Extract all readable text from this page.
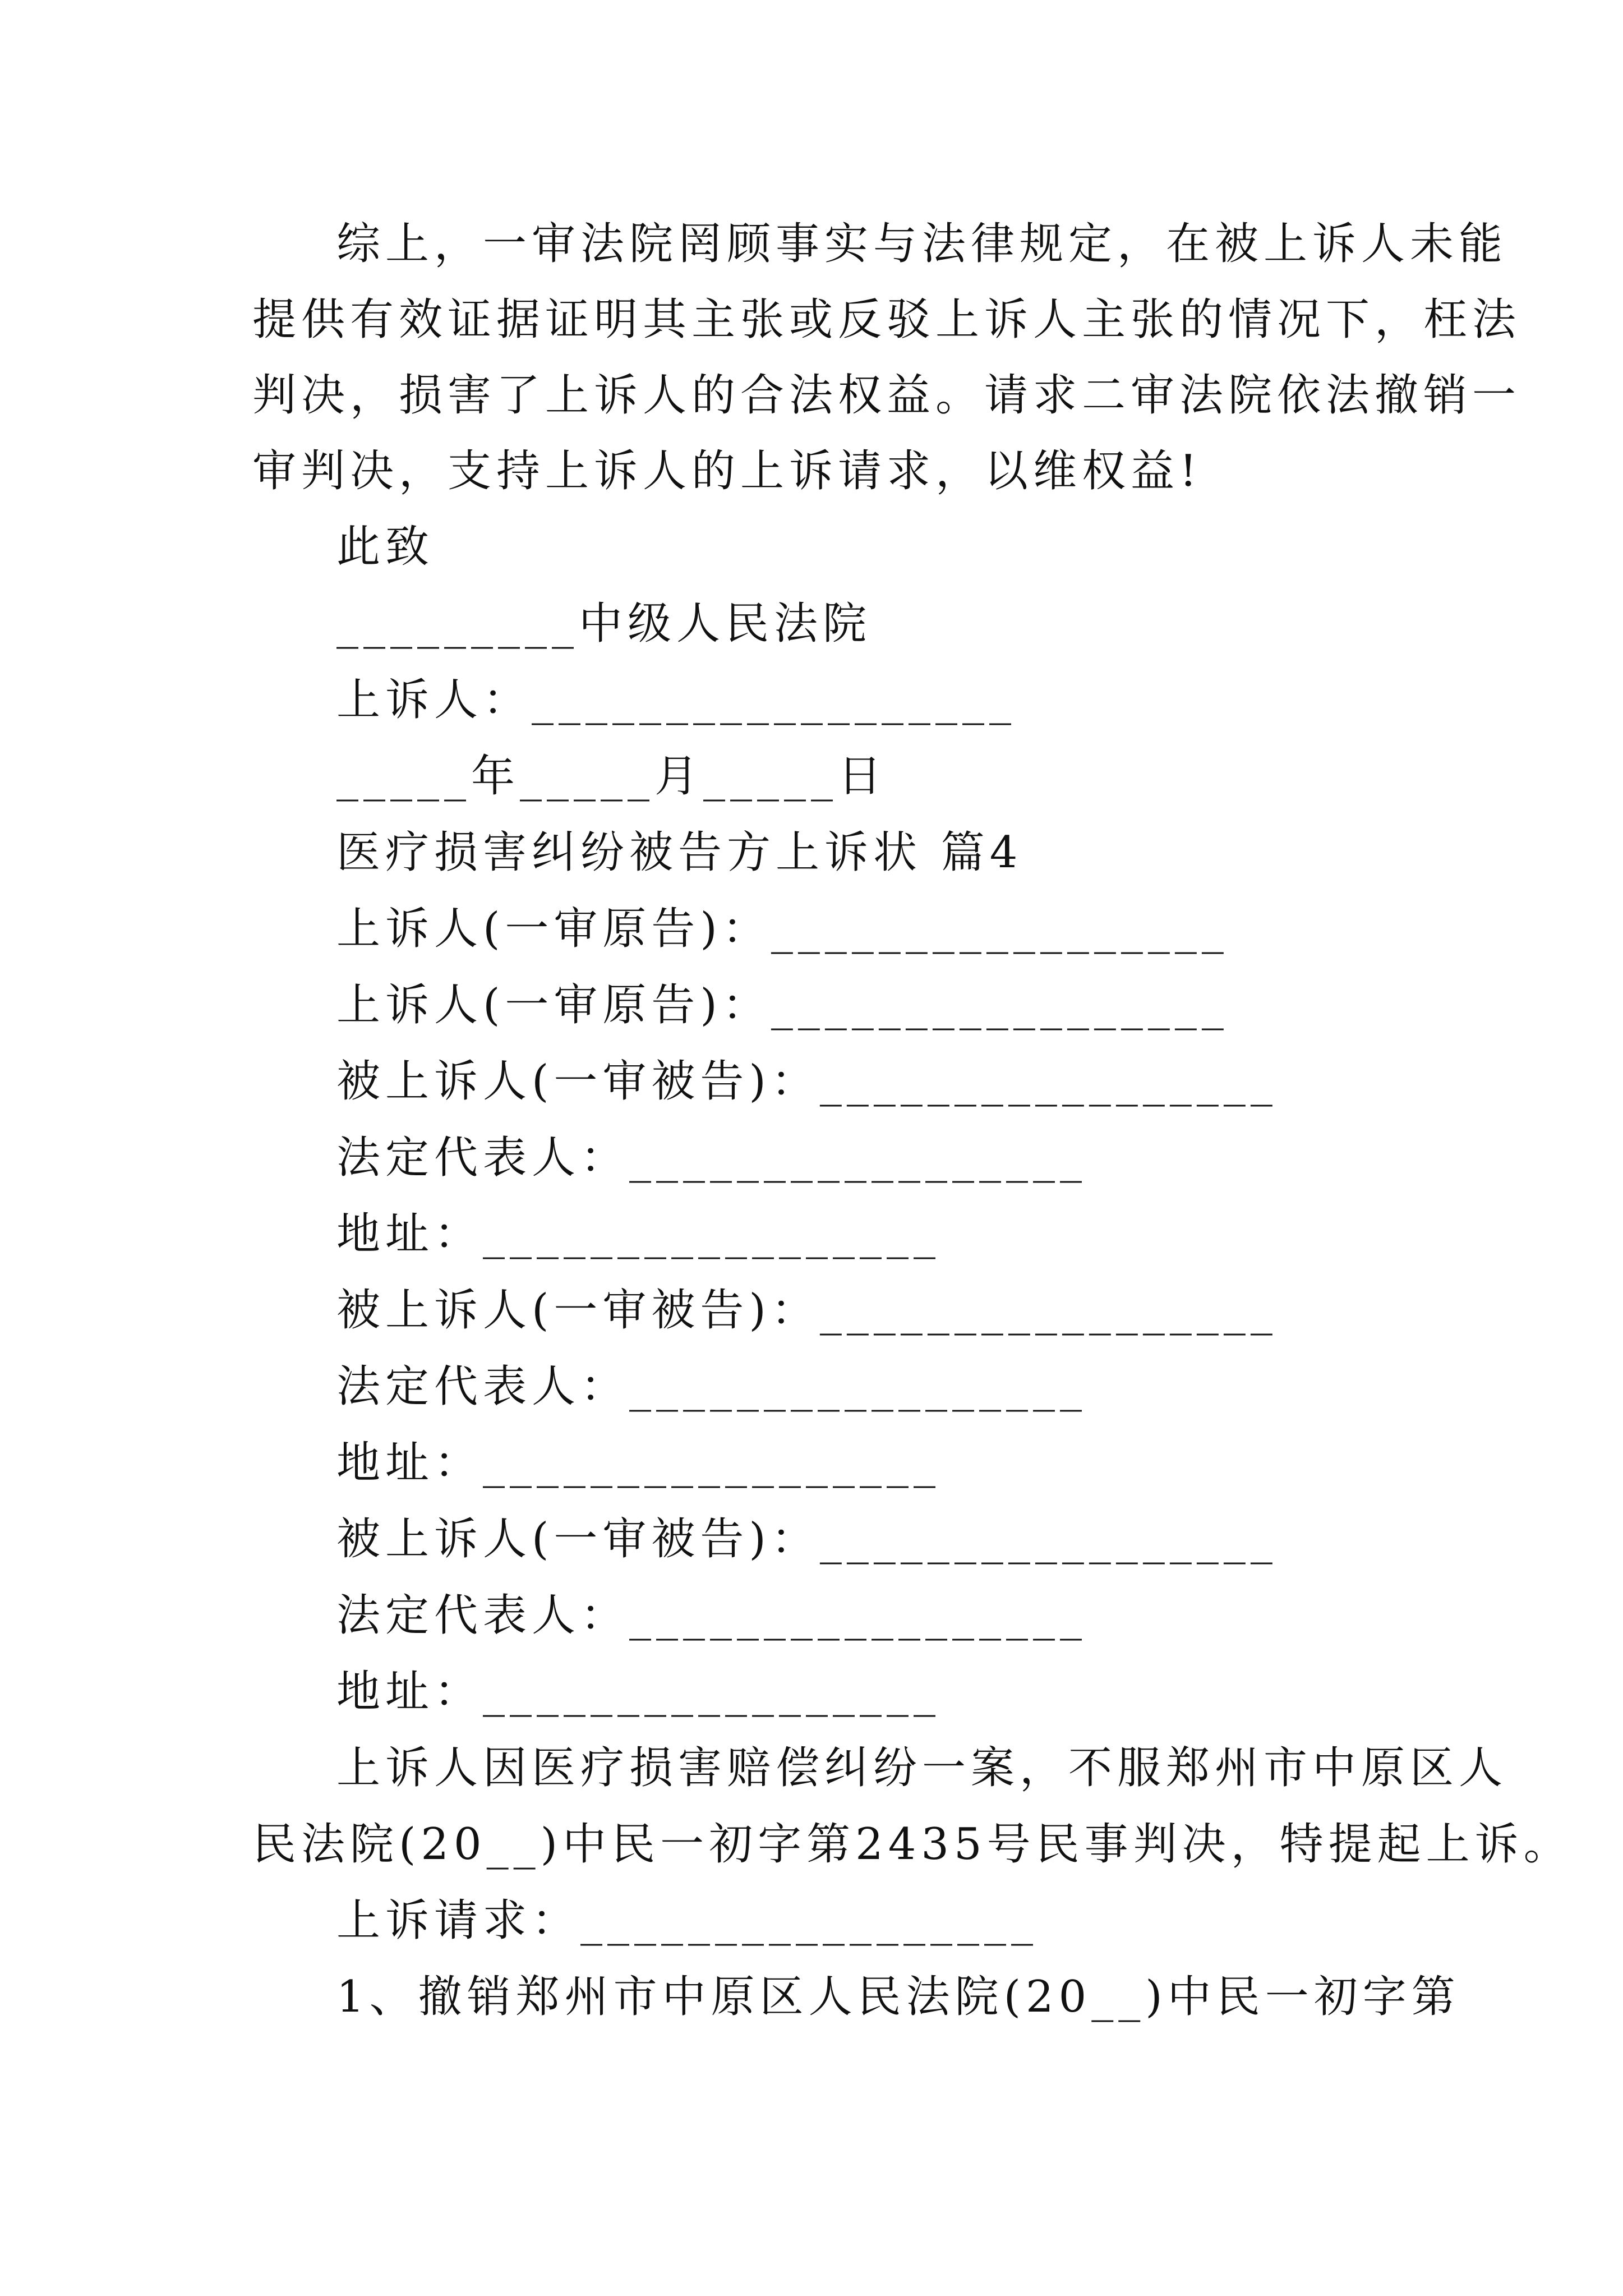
综上，一审法院罔顾事实与法律规定，在被上诉人未能
提供有效证据证明其主张或反驳上诉人主张的情况下，枉法
判决，损害了上诉人的合法权益。请求二审法院依法撤销一
审判决，支持上诉人的上诉请求，以维权益!
此致
_________中级人民法院
上诉人：__________________
_____年_____月_____日
医疗损害纠纷被告方上诉状 篇4
上诉人(一审原告)：_________________
上诉人(一审原告)：_________________
被上诉人(一审被告)：_________________
法定代表人：_________________
地址：_________________
被上诉人(一审被告)：_________________
法定代表人：_________________
地址：_________________
被上诉人(一审被告)：_________________
法定代表人：_________________
地址：_________________
上诉人因医疗损害赔偿纠纷一案，不服郑州市中原区人
民法院(20__)中民一初字第2435号民事判决，特提起上诉。
上诉请求：_________________
1、撤销郑州市中原区人民法院(20__)中民一初字第
